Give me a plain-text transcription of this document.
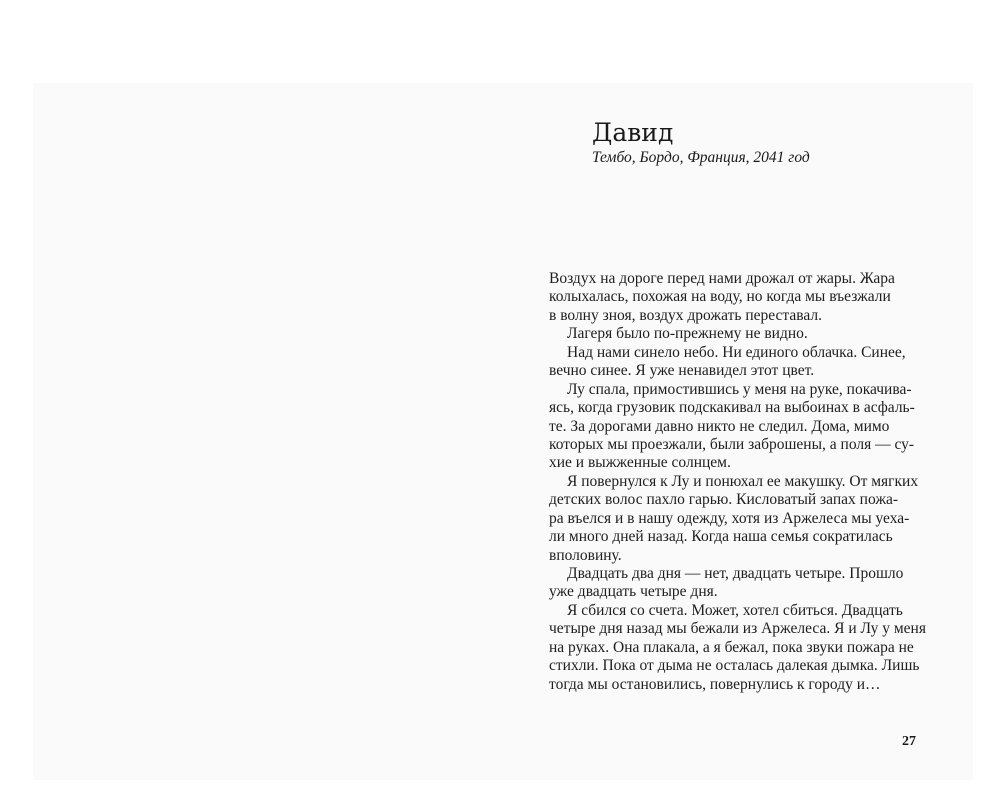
Давид

Тембо, Бордо, Франция, 2041 год

Воздух на дороге перед нами дрожал от жары. Жара
колыхалась, похожая на воду, но когда мы въезжали
в волну зноя, воздух дрожать переставал.
Лагеря было по-прежнему не видно.
Над нами синело небо. Ни единого облачка. Синее,
вечно синее. Я уже ненавидел этот цвет.
Лу спала, примостившись у меня на руке, покачива-
ясь, когда грузовик подскакивал на выбоинах в асфаль-
те. За дорогами давно никто не следил. Дома, мимо
которых мы проезжали, были заброшены, а поля — су-
хие и выжженные солнцем.
Я повернулся к Лу и понюхал ее макушку. От мягких
детских волос пахло гарью. Кисловатый запах пожа-
ра въелся и в нашу одежду, хотя из Аржелеса мы уеха-
ли много дней назад. Когда наша семья сократилась
вполовину.
Двадцать два дня — нет, двадцать четыре. Прошло
уже двадцать четыре дня.
Я сбился со счета. Может, хотел сбиться. Двадцать
четыре дня назад мы бежали из Аржелеса. Я и Лу у меня
на руках. Она плакала, а я бежал, пока звуки пожара не
стихли. Пока от дыма не осталась далекая дымка. Лишь
тогда мы остановились, повернулись к городу и…
27
